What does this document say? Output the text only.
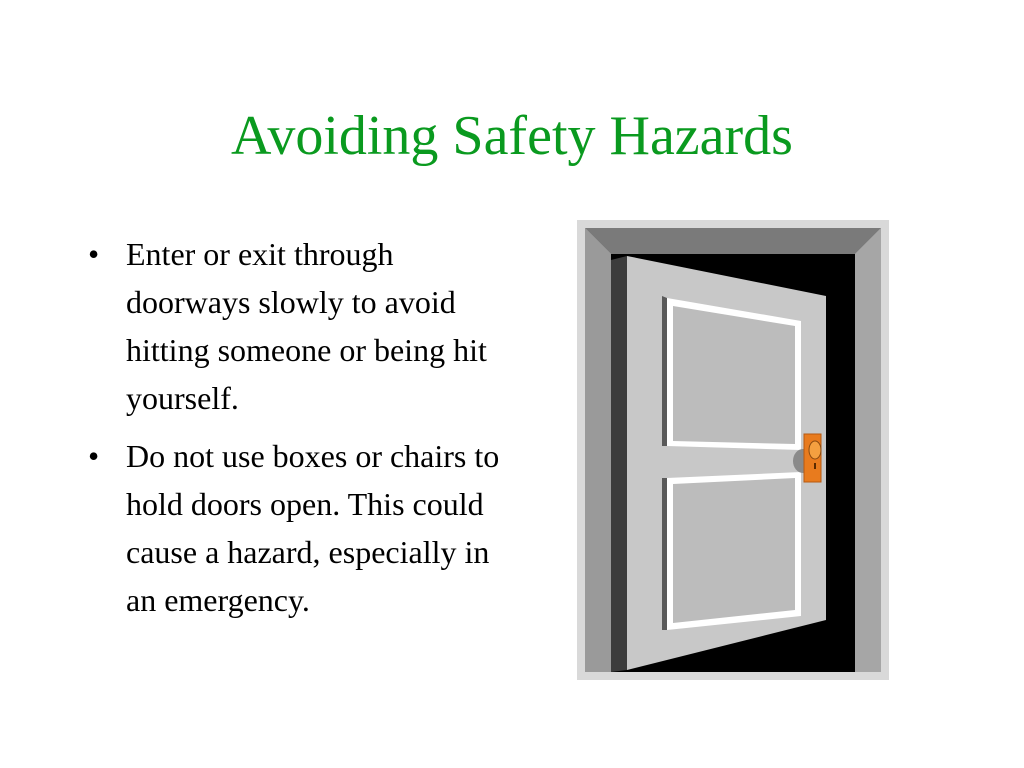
Avoiding Safety Hazards
• Enter or exit through doorways slowly to avoid hitting someone or being hit yourself.
• Do not use boxes or chairs to hold doors open. This could cause a hazard, especially in an emergency.
